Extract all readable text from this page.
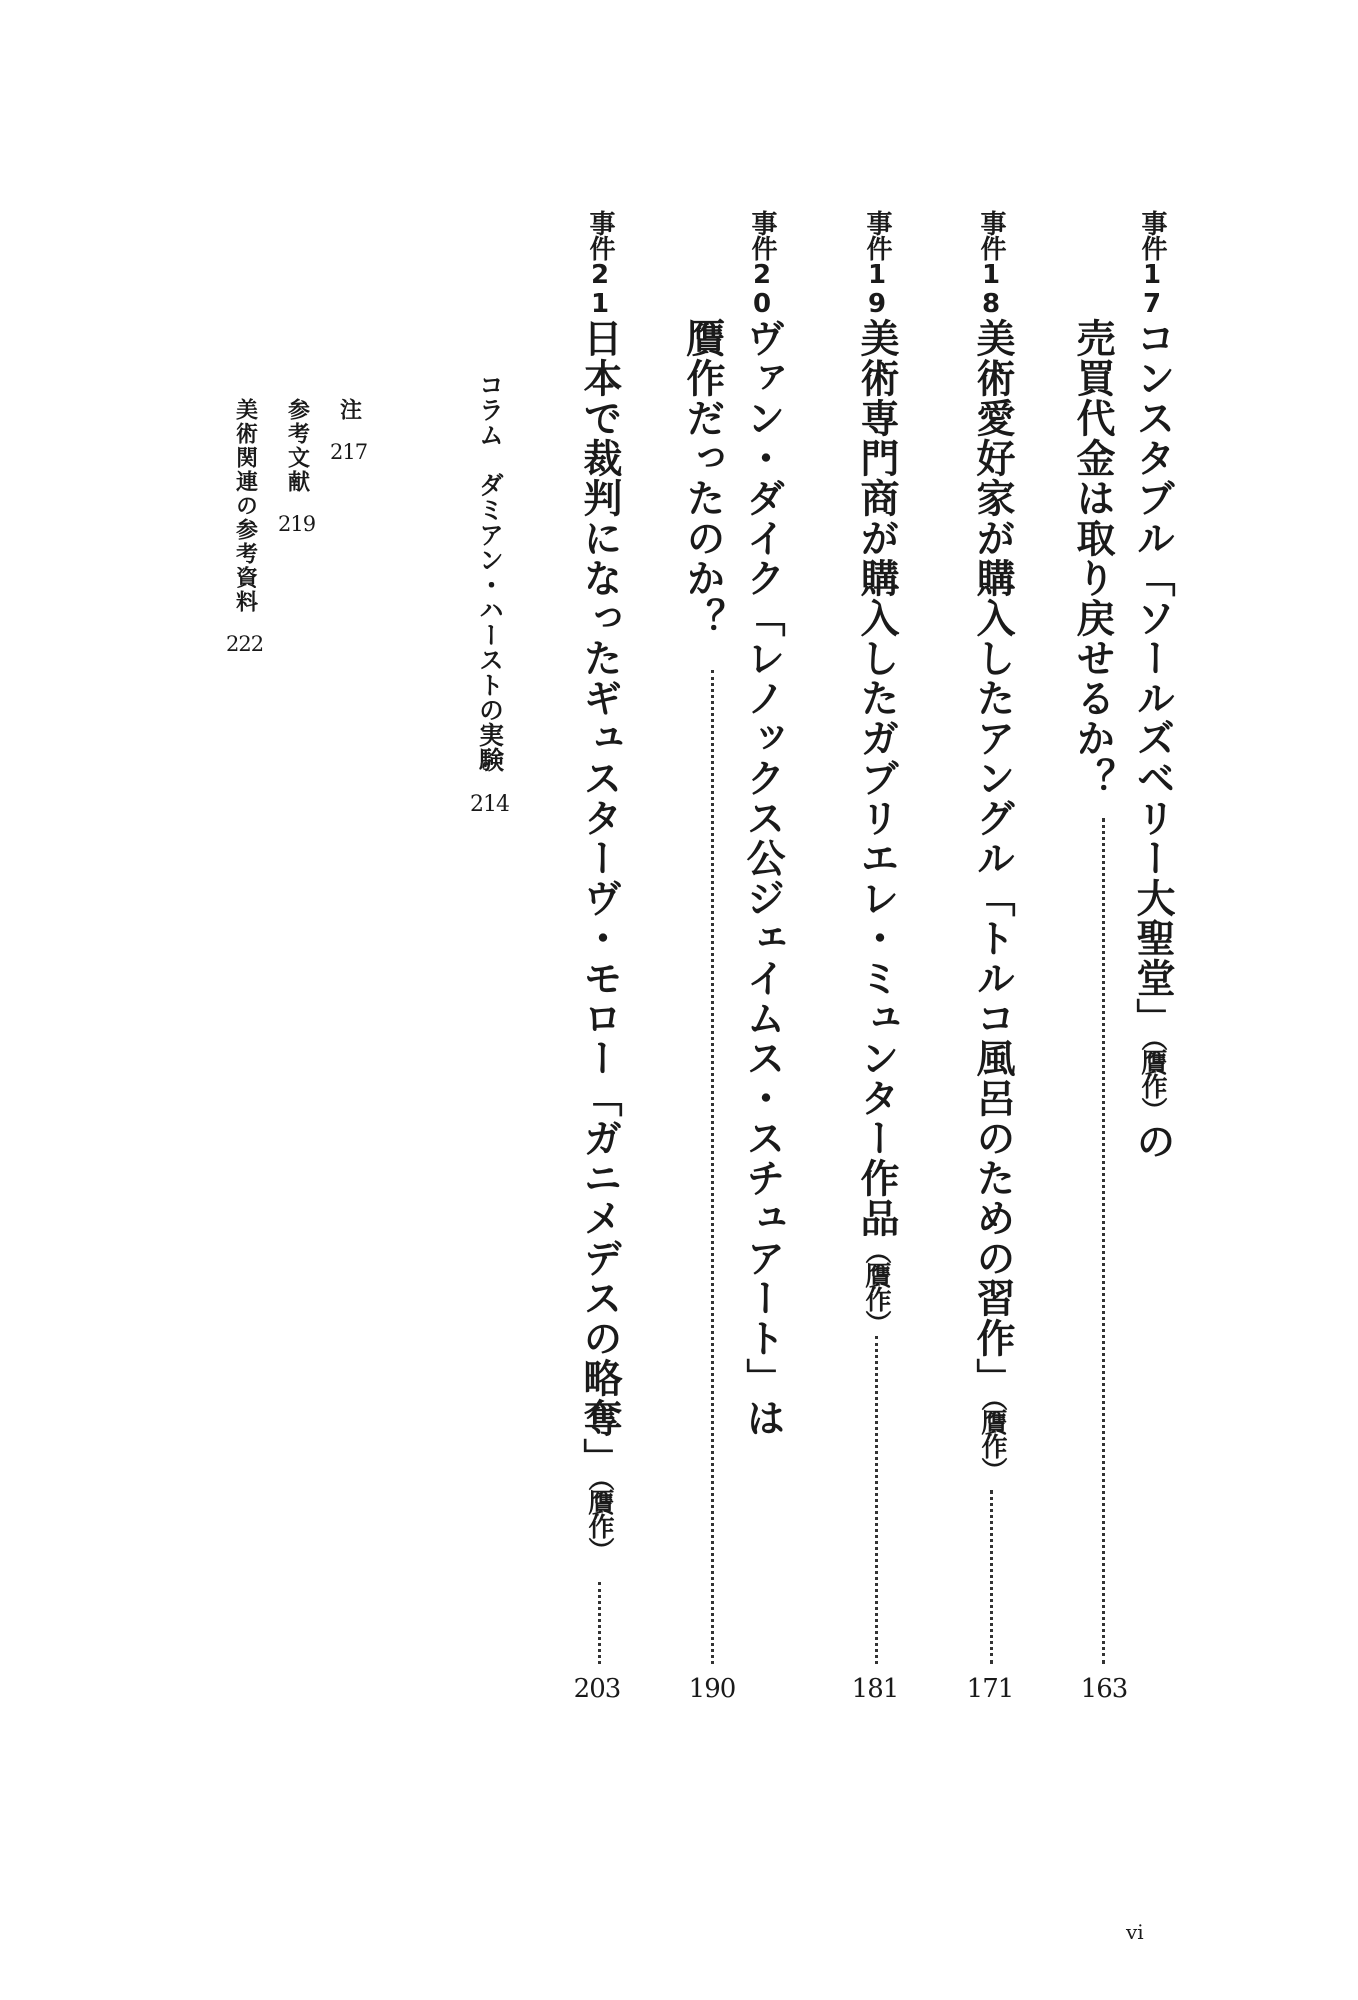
事件17
コンスタブル「ソールズベリー大聖堂」（贋作）の
売買代金は取り戻せるか？
163
事件18
美術愛好家が購入したアングル「トルコ風呂のための習作」（贋作）
171
事件19
美術専門商が購入したガブリエレ・ミュンター作品（贋作）
181
事件20
ヴァン・ダイク「レノックス公ジェイムス・スチュアート」は
贋作だったのか？
190
事件21
日本で裁判になったギュスターヴ・モロー「ガニメデスの略奪」（贋作）
203
コラム　ダミアン・ハーストの実験214
注217
参考文献219
美術関連の参考資料222
vi
